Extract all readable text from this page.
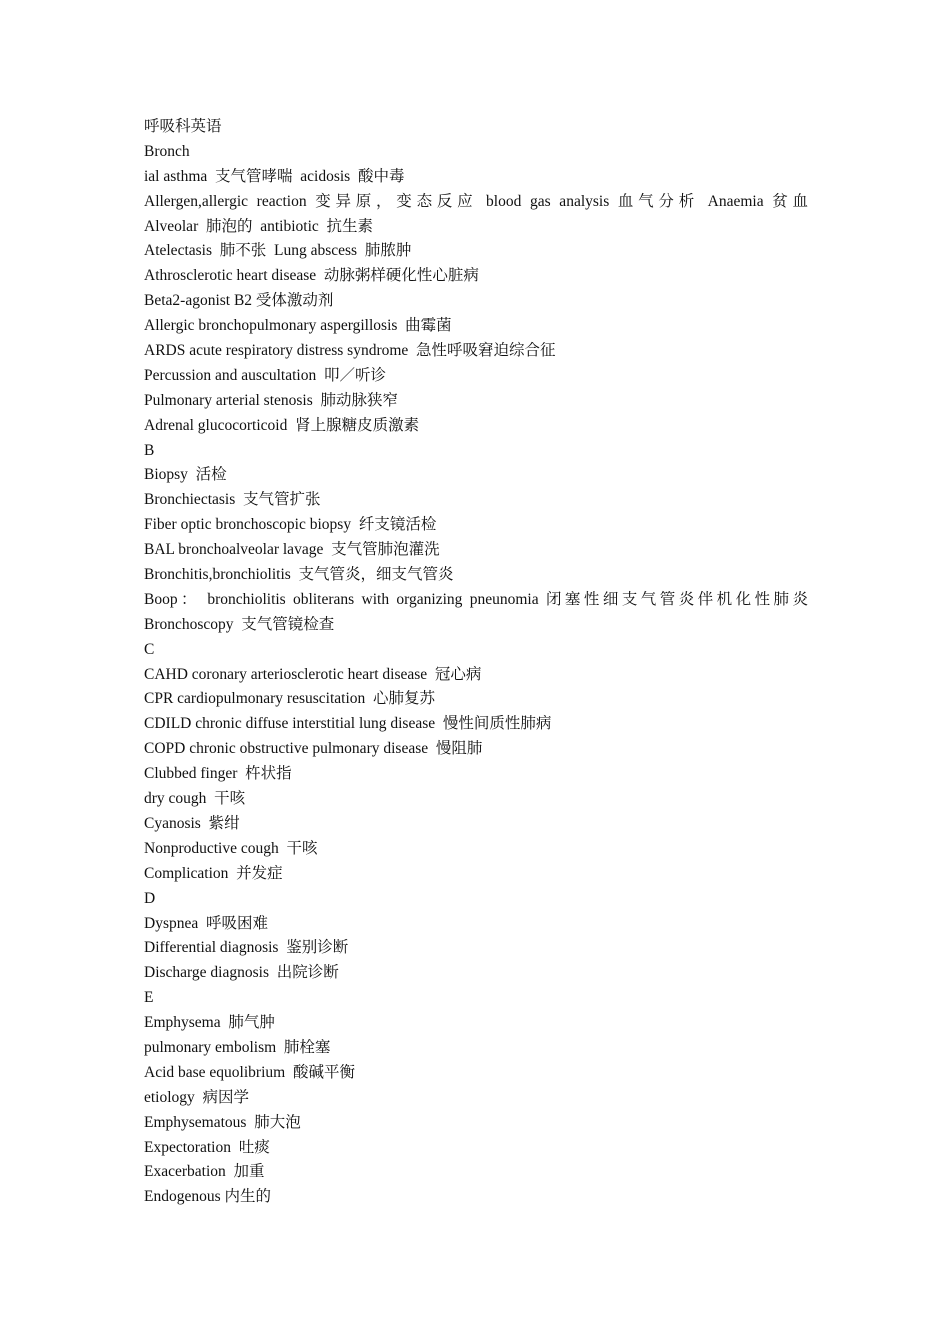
呼吸科英语
Bronch
ial asthma  支气管哮喘  acidosis  酸中毒
Allergen,allergic reaction 变异原，变态反应 blood gas analysis 血气分析 Anaemia 贫血
Alveolar  肺泡的  antibiotic  抗生素
Atelectasis  肺不张  Lung abscess  肺脓肿
Athrosclerotic heart disease  动脉粥样硬化性心脏病
Beta2-agonist B2 受体激动剂
Allergic bronchopulmonary aspergillosis  曲霉菌
ARDS acute respiratory distress syndrome  急性呼吸窘迫综合征
Percussion and auscultation  叩／听诊
Pulmonary arterial stenosis  肺动脉狭窄
Adrenal glucocorticoid  肾上腺糖皮质激素
B
Biopsy  活检
Bronchiectasis  支气管扩张
Fiber optic bronchoscopic biopsy  纤支镜活检
BAL bronchoalveolar lavage  支气管肺泡灌洗
Bronchitis,bronchiolitis  支气管炎，细支气管炎
Boop： bronchiolitis obliterans with organizing pneunomia 闭塞性细支气管炎伴机化性肺炎
Bronchoscopy  支气管镜检查
C
CAHD coronary arteriosclerotic heart disease  冠心病
CPR cardiopulmonary resuscitation  心肺复苏
CDILD chronic diffuse interstitial lung disease  慢性间质性肺病
COPD chronic obstructive pulmonary disease  慢阻肺
Clubbed finger  杵状指
dry cough  干咳
Cyanosis  紫绀
Nonproductive cough  干咳
Complication  并发症
D
Dyspnea  呼吸困难
Differential diagnosis  鉴别诊断
Discharge diagnosis  出院诊断
E
Emphysema  肺气肿
pulmonary embolism  肺栓塞
Acid base equolibrium  酸碱平衡
etiology  病因学
Emphysematous  肺大泡
Expectoration  吐痰
Exacerbation  加重
Endogenous 内生的
